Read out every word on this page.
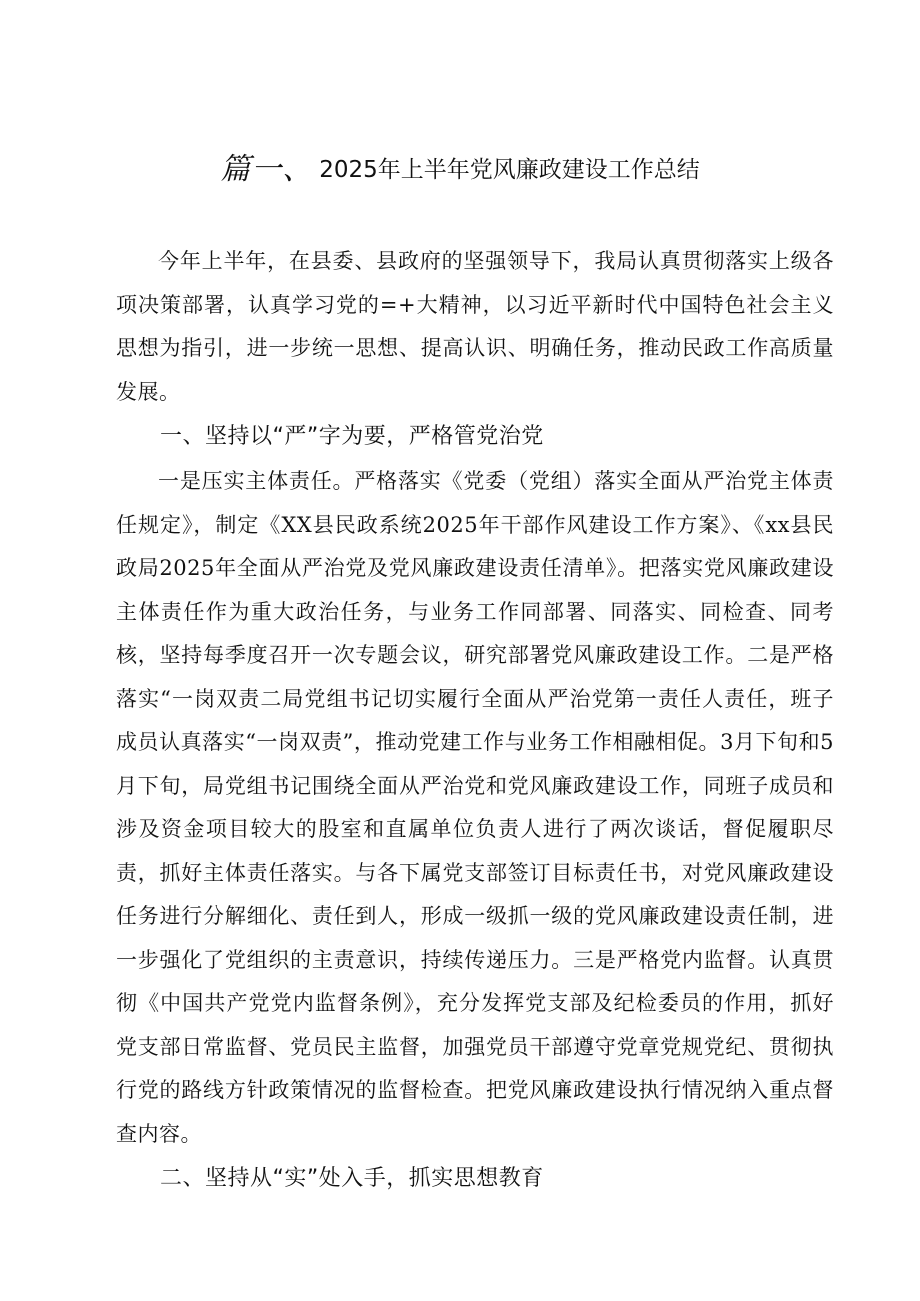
篇一、 2025年上半年党风廉政建设工作总结

今年上半年，在县委、县政府的坚强领导下，我局认真贯彻落实上级各项决策部署，认真学习党的=+大精神，以习近平新时代中国特色社会主义思想为指引，进一步统一思想、提高认识、明确任务，推动民政工作高质量发展。

一、坚持以“严”字为要，严格管党治党

一是压实主体责任。严格落实《党委（党组）落实全面从严治党主体责任规定》，制定《XX县民政系统2025年干部作风建设工作方案》、《xx县民政局2025年全面从严治党及党风廉政建设责任清单》。把落实党风廉政建设主体责任作为重大政治任务，与业务工作同部署、同落实、同检查、同考核，坚持每季度召开一次专题会议，研究部署党风廉政建设工作。二是严格落实“一岗双责二局党组书记切实履行全面从严治党第一责任人责任，班子成员认真落实“一岗双责”，推动党建工作与业务工作相融相促。3月下旬和5月下旬，局党组书记围绕全面从严治党和党风廉政建设工作，同班子成员和涉及资金项目较大的股室和直属单位负责人进行了两次谈话，督促履职尽责，抓好主体责任落实。与各下属党支部签订目标责任书，对党风廉政建设任务进行分解细化、责任到人，形成一级抓一级的党风廉政建设责任制，进一步强化了党组织的主责意识，持续传递压力。三是严格党内监督。认真贯彻《中国共产党党内监督条例》，充分发挥党支部及纪检委员的作用，抓好党支部日常监督、党员民主监督，加强党员干部遵守党章党规党纪、贯彻执行党的路线方针政策情况的监督检查。把党风廉政建设执行情况纳入重点督查内容。

二、坚持从“实”处入手，抓实思想教育
